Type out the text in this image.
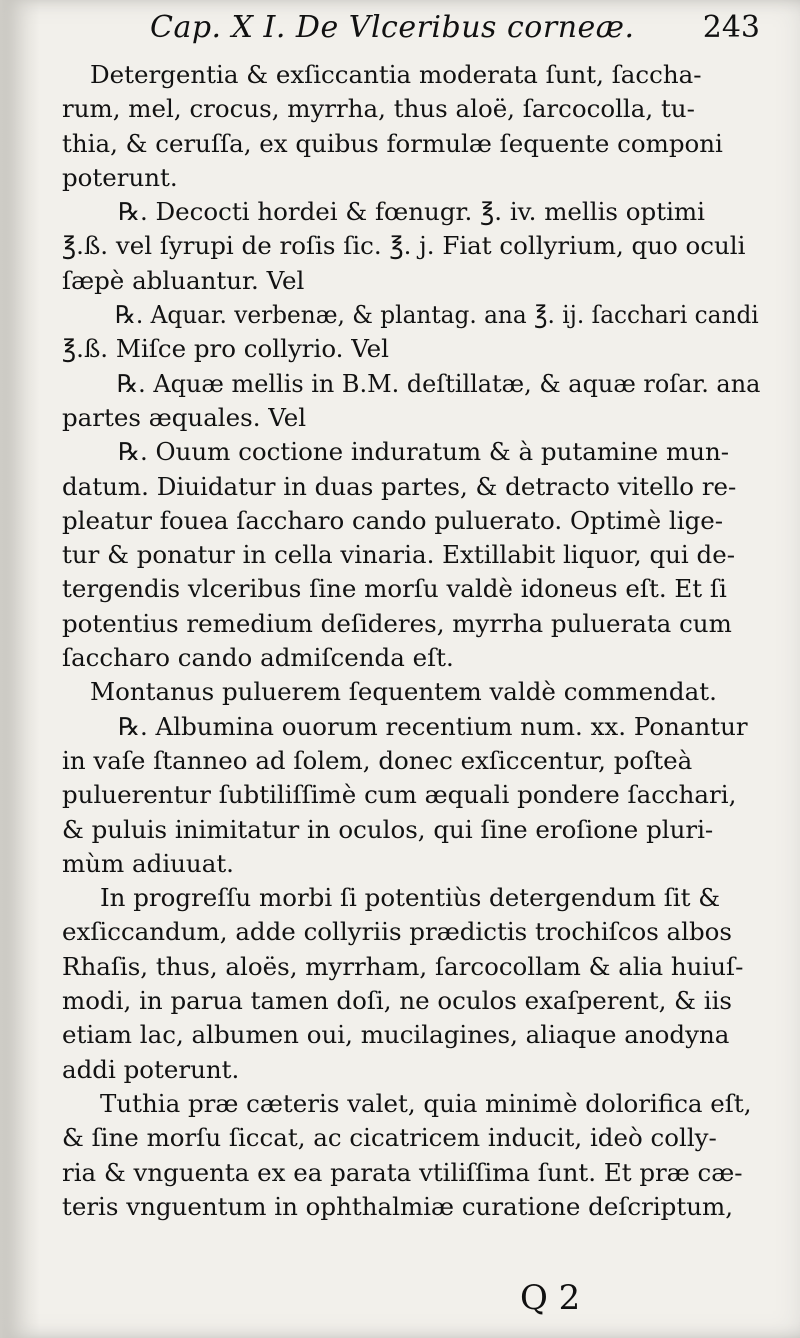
Cap. X I. De Vlceribus corneæ. 243
Detergentia & exſiccantia moderata ſunt, ſaccha-
rum, mel, crocus, myrrha, thus aloë, ſarcocolla, tu-
thia, & ceruſſa, ex quibus formulæ ſequente componi
poterunt.
℞. Decocti hordei & fœnugr. ℥. iv. mellis optimi
℥.ß. vel ſyrupi de roſis ſic. ℥. j. Fiat collyrium, quo oculi
ſæpè abluantur. Vel
℞. Aquar. verbenæ, & plantag. ana ℥. ij. ſacchari candi
℥.ß. Miſce pro collyrio. Vel
℞. Aquæ mellis in B.M. deſtillatæ, & aquæ roſar. ana
partes æquales. Vel
℞. Ouum coctione induratum & à putamine mun-
datum. Diuidatur in duas partes, & detracto vitello re-
pleatur fouea ſaccharo cando puluerato. Optimè lige-
tur & ponatur in cella vinaria. Extillabit liquor, qui de-
tergendis vlceribus ſine morſu valdè idoneus eſt. Et ſi
potentius remedium deſideres, myrrha puluerata cum
ſaccharo cando admiſcenda eſt.
Montanus puluerem ſequentem valdè commendat.
℞. Albumina ouorum recentium num. xx. Ponantur
in vaſe ſtanneo ad ſolem, donec exſiccentur, poſteà
puluerentur ſubtiliſſimè cum æquali pondere ſacchari,
& puluis inimitatur in oculos, qui ſine eroſione pluri-
mùm adiuuat.
In progreſſu morbi ſi potentiùs detergendum ſit &
exſiccandum, adde collyriis prædictis trochiſcos albos
Rhaſis, thus, aloës, myrrham, ſarcocollam & alia huiuſ-
modi, in parua tamen doſi, ne oculos exaſperent, & iis
etiam lac, albumen oui, mucilagines, aliaque anodyna
addi poterunt.
Tuthia præ cæteris valet, quia minimè dolorifica eſt,
& ſine morſu ſiccat, ac cicatricem inducit, ideò colly-
ria & vnguenta ex ea parata vtiliſſima ſunt. Et præ cæ-
teris vnguentum in ophthalmiæ curatione deſcriptum,
Q 2
